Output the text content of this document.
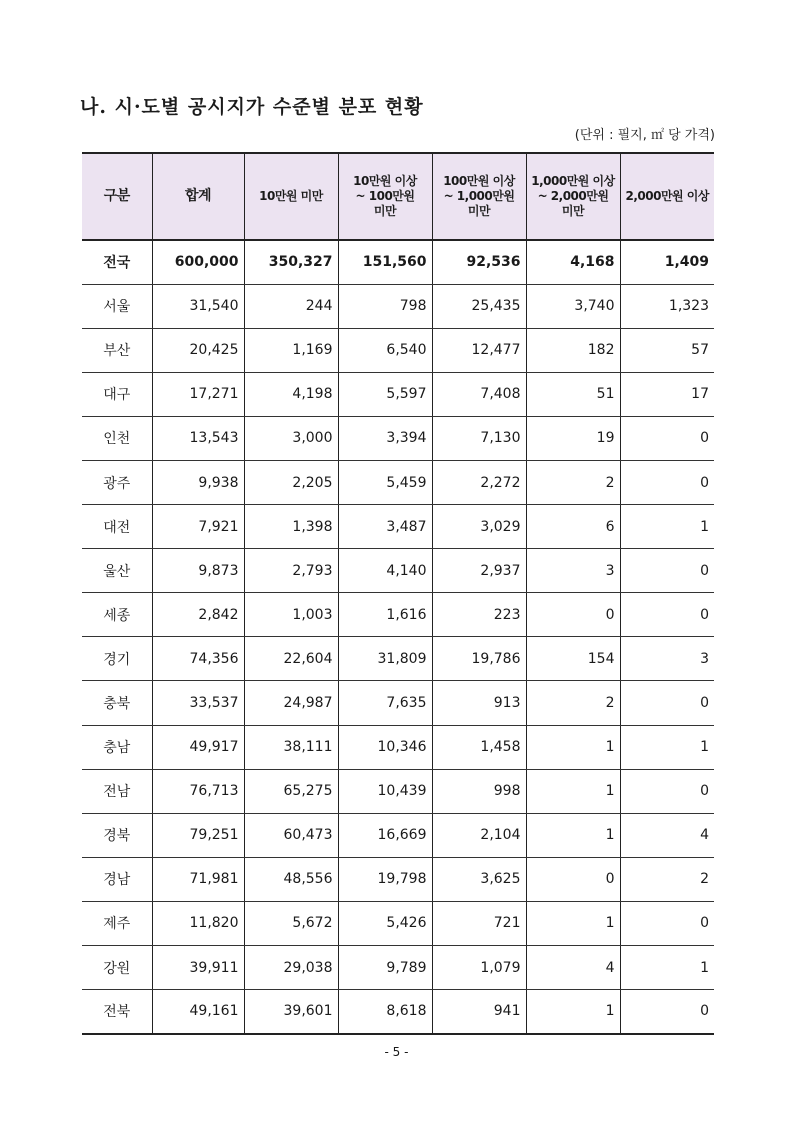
나. 시·도별 공시지가 수준별 분포 현황
(단위 : 필지, ㎡ 당 가격)
구분	합계	10만원 미만	10만원 이상
~ 100만원
미만	100만원 이상
~ 1,000만원
미만	1,000만원 이상
~ 2,000만원
미만	2,000만원 이상
전국	600,000	350,327	151,560	92,536	4,168	1,409
서울	31,540	244	798	25,435	3,740	1,323
부산	20,425	1,169	6,540	12,477	182	57
대구	17,271	4,198	5,597	7,408	51	17
인천	13,543	3,000	3,394	7,130	19	0
광주	9,938	2,205	5,459	2,272	2	0
대전	7,921	1,398	3,487	3,029	6	1
울산	9,873	2,793	4,140	2,937	3	0
세종	2,842	1,003	1,616	223	0	0
경기	74,356	22,604	31,809	19,786	154	3
충북	33,537	24,987	7,635	913	2	0
충남	49,917	38,111	10,346	1,458	1	1
전남	76,713	65,275	10,439	998	1	0
경북	79,251	60,473	16,669	2,104	1	4
경남	71,981	48,556	19,798	3,625	0	2
제주	11,820	5,672	5,426	721	1	0
강원	39,911	29,038	9,789	1,079	4	1
전북	49,161	39,601	8,618	941	1	0
- 5 -
